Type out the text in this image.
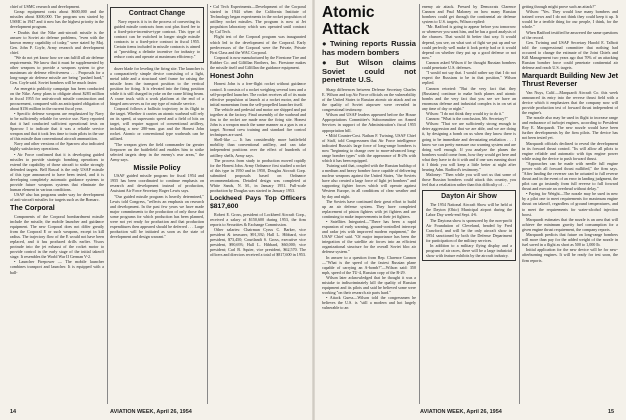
chief of USMC research and development.

Group equipment costs about $600,000 and the missiles about $300,000. The program was started by USMC in 1947 and it now has the highest priority in the development program.

• Doubts that the Nike anti-aircraft missile is the answer to Soviet air defense problems, "even with the known enemy capability of today," were stated by Maj. Gen. John P. Coyle, Army research and development chief.

"We do not yet know how we can fulfill all air defense requirements. We know that it must be supplemented by other weapons to provide a weapons system to give maximum air defense effectiveness . . . Proposals for a long-range air defense missile are being "pushed hard," Gen. Coyle said. Soviet bombers will be much faster.

An energetic publicity campaign has been conducted on the Nike. Army plans to obligate about $283 million in fiscal 1955 for anti-aircraft missile construction and procurement, compared with an anticipated obligation of about $156 million in the current fiscal year.

• Specific defense weapons are emphasized by Navy to be sufficiently reliable for service use. Navy reported that it had conducted sufficient operational tests on Sparrow I to indicate that it was a reliable service weapon and that it took less time to train pilots in the use of this missile than conventional aircraft ammunition.

Navy and other versions of the Sparrow also indicated highly satisfactory operations.

• Air Force confirmed that it is developing guided missiles to provide strategic bombing operations to extend the capability of those aircraft to strike strongly defended targets. Bell Rascal is the only USAF missile of this type announced to have been tested, and it is developing completely automatic guidance systems to provide future weapons systems that eliminate the human element in various conditions.

USAF also has programs under way for development of anti-aircraft missiles for targets such as the Bomarc.

The Corporal

Components of the Corporal bombardment missile include the missile, the mobile launcher and guidance equipment. The new Corporal does not differ greatly from the Corporal E or such weapons, except in kill radius. The trajectory flow of the E would not have been replaced, and it has produced drills earlier. Visors protrude into the jet exhaust of the rocket motor to provide control in the early stage of the initial takeoff stage. It resembles the World War II German V-2.

• Launcher Firepower — The mobile launcher combines transport and launcher. It is equipped with a ball-

Contract Change

Navy reports it is in the process of converting its guided missile contracts from cost plus fixed fee to a fixed-price-incentive-type contract. This type of contract can be switched in longer single missile contracts to a fixed-price contract in fiscal 1955. Certain items included in missile contracts is aimed at "providing a definite incentive for industry to reduce costs and operate at maximum efficiency."

dozer blade for leveling the firing site. The launcher is a comparatively simple device consisting of a light, metal table and a structural steel frame for raising the missile from the transport position to the vertical position for firing. It is elevated into the firing position while it is still charged in yoke on the crane lifting beam. A crane truck with a work platform at the end of a hinged arm serves as for any type of missile service.

Corporal follows a ballistic trajectory in its flight to the target. Whether it carries an atomic warhead will rely on its speed, at supersonic speed and a field of hits on target, will require support of conventional artillery, including a new 280-mm. gun and the Honest John rocket. Atomic or conventional type warheads can be utilized.

"The weapon gives the field commander far greater firepower on the battlefield and enables him to strike selected targets deep in the enemy's rear areas," the Army says.

Missile Policy

USAF guided missile program for fiscal 1954 and 1955 has been coordinated to continue emphasis on research and development instead of production, Assistant Air Force Secretary Roger Lewis says.

"Our guided missile program is heavily determined," Lewis told Congress, "reflects an emphasis on research and development. In the past few years we have made major commitments to the production of only those that some programs for which production has been planned, were not yet ready for production and that production expenditures then appeared should be deferred . . . Large production will be initiated as soon as the state of development and design warrant."

• Cal Tech Experiments—Development of the Corporal started in 1944 when the California Institute of Technology began experiments in the rocket propulsion of artillery rocket missiles. The program is now at Jet propulsion laboratory which was operated until contract by Cal Tech.

Flight test of the Corporal program was inaugurated which led to the development of the Corporal. Early predecessors of the Corporal were the Private, Private First Class and the WAC Corporal.

Corporal is now manufactured by the Firestone Tire and Rubber Co. and Gilfillan Brothers, Inc. Firestone makes the missile itself and Gilfillan the guidance equipment.

Honest John

Honest John is a free-flight rocket without guidance control. It consists of a rocket weighing several tons and a self-propelled launcher. The rocket receives all of its main effective propulsion at launch at a rocket motor, and the initial momentum from the self-propelled launcher itself.

The vehicle and pedestal and motor are shipped and put together at the factory. Final assembly of the warhead and fins to the rocket are made near the firing site. Honest John is a weapon much the same manner as a gun is on a target. Normal crew training and standard fire control techniques are used.

Shell-like — It has considerably more battlefield mobility than conventional artillery, and can take independent positions over the effect of hundreds of artillery shells, Army says.

The process from study to production moved rapidly for the Honest John. Army Ordnance first studied a rocket of this type in 1950 and in 1950, Douglas Aircraft Corp. submitted proposals based on Ordnance recommendations. Detailed design was completed at White Sands, N. M., in January 1951. Full-scale production by Douglas was started in January 1953.

Lockheed Pays Top Officers $817,600

Robert E. Gross, president of Lockheed Aircraft Corp., received a salary of $150,600 during 1953, the firm reports to Securities & Exchange Commission.

Other salaries: Chairman Cyrus C. Barker, vice president & treasurer, $91,392; Hall L. Hibbard, vice president, $73,450; Courtlandt S. Gross, executive vice president, $90,693; Hall L. Hibbard, $60,000; vice president; Carl B. Squier, vice president, $62,570. The officers and directors received a total of $817,600 in 1953.

Atomic Attack
● Twining reports Russia has modern bombers
● But Wilson claims Soviet could not penetrate U.S.

Sharp differences between Defense Secretary Charles E. Wilson and top Air Force officials on the vulnerability of the United States to Russian atomic air attack and on the quality of Soviet airpower were revealed in congressional testimony.

Wilson and USAF leaders appeared before the House Appropriations Committee's Subcommittee on Armed Services in support of the Administration's fiscal 1955 appropriation bill.

• Mild Counter-Cost. Nathan F. Twining, USAF Chief of Staff, told Congressmen that Air Force intelligence indicated Russia's large force of long-range bombers is now "beginning to change over to more-advanced long-range bomber types" with the appearance of B-29s with which it has been equipped.

Twining said that, coupled with the Russian buildup of a medium and heavy bomber force capable of delivering nuclear weapons against the United States, "the Soviets have also created a large force of light jet bombers" and supporting fighter forces which will operate against Western Europe, in all conditions of clear weather and by day and night.

The Soviets have continued their great effort to build up an air defense system. They have completed replacement of piston fighters with jet fighters and are continuing to make improvements in their jet fighters.

• Satellites Integrated—"There has been a rapid expansion of early warning, ground-controlled intercept and radar jets with improved modern equipment," the USAF Chief said. "Of major importance has been the integration of the satellite air forces into an efficient organizational structure for the overall Soviet bloc air defense system."

In answer to a question from Rep. Clarence Cannon—"What is the speed of the fastest Russian plane capable of carrying an A-bomb?"—Wilson said: 350 mph, speed of the TU-4, Russian copy of the B-29.

Wilson later acknowledged that he thought it was a mistake to indiscriminately kill the quality of Russian equipment and its pilots and said he believed some were working "on their research air parts hard."

• Attack Guess—Wilson told the congressmen he believes the U.S. is "still a modern and hot largely vulnerable to an

enemy air attack. Pressed by Democrats Clarence Cannon and Paul Maloney on how many Russian bombers could get through the continental air defense system to U.S. targets, Wilson replied:

"Mr. Radford is going to appear before you tomorrow or whenever you want him, and he has a good analysis of the chances. That would fit better that way. It would depend, you see, on what sort of fight we put up and we could perfectly well make it look pretty bad or it would depend on whether they put up a good defense or not now."

Cannon asked Wilson if he thought Russian bombers could penetrate U.S. defenses.

"I would not say that. I would rather say that I do not expect the Russians to be in that position," Wilson replied.

Cannon retorted: "But the very fact that they (Russians) continue to make both planes and atomic bombs and the very fact that you see we have an enormous defense and industrial complex is in on set at any time of day or night."

Wilson: "I do not think they would try to do it."

Cannon: "What is the conclusion, Mr. Secretary?"

Wilson: "That we are sufficiently strong enough to deter aggression and that we are able, and we are doing it, by designing a bomb on us when they know there is going to be immediate and devastating retaliation . . . I know we can pretty measure our warning system and are doing well enough. If you analyze the planes the bombers would come from, how they would get here and what they have to do it with and if one was running short it I think you will keep a little better at night after hearing Adm. Radford's testimony."

Maloney: "Then while you will sort us that some of those Russian bombers could attack this country, you feel that a retaliation rather than this difficulty of . . ."

Dayton Air Show

The 1954 National Aircraft Show will be held at the Dayton (Ohio) Municipal airport during the Labor Day week-end Sept. 4-6.

The Daytona show is sponsored by the non-profit Air Foundation of Cleveland, headed by Fred Crawford, and will be the only aircraft show in 1954 sanctioned by both the Defense Department for participation of the military services.

In addition to a military flying display and a program of air races, there will be a large industrial show with feature exhibits by the aircraft industry.

getting through might prove such an attack?"

Wilson: "Yes. They would lose many bombers and trained crews and I do not think they could keep it up. It would be a terrible thing for our people, I think, for the whole."

When Radford testified he answered the same questions of the record.

Gen. Twining and USAF Secretary Harold E. Talbott told the congressional committee that nothing had occurred to change the estimate of the Joint Chiefs and Kill Management two years ago that 70% of an attacking Russian bomber force could penetrate continental air defense and reach U.S. targets.

Marquardt Building New Jet Thrust Reverser

Van Nuys, Calif.—Marquardt Aircraft Co. this week announced its entry into the reverse thrust field with a device which it emphasizes that the company now will provide production test of forward thrust independent of the engine's.

The nozzle also may be used in flight to increase range and endurance of turbojet engines, according to President Roy E. Marquardt. The new nozzle would have been further developments by the firm pilots. The device has not been tested yet.

Marquardt officials declined to reveal the development in its forward thrust control. "Its will allow all pilots to engine reliable and automatic with tips engine power while using the device to push forward thrust.

"Approaches can be made with needle full engine power with all forward thrust nullified," the firm says. "After landing the reverser can be actuated to full reverse thrust and in the event of an error in landing judgment, the pilot can go instantly from full reverse to full forward thrust and execute an overhead without delay."

• Paying for Weight—The nozzle may be used in new by a pilot one to meet requirements for maximum engine thrust on takeoff, regardless of ground temperatures, and to meet the requirements for water-alcohol injection boost.

Marquardt estimates that the nozzle is an area that will achieve the minimum gravity fuel consumption for a given engine thrust requirement, the company reports.

Marquardt predicts that future on long-range bombers will more than pay for the added weight of the nozzle in fuel saved in a flight as short as 500 to 1,000 lb.

Initial application for the new device will be for new-afterburning engines. It will be ready for test soon, the firm reports.

14	AVIATION WEEK, April 26, 1954	AVIATION WEEK, April 26, 1954	15
